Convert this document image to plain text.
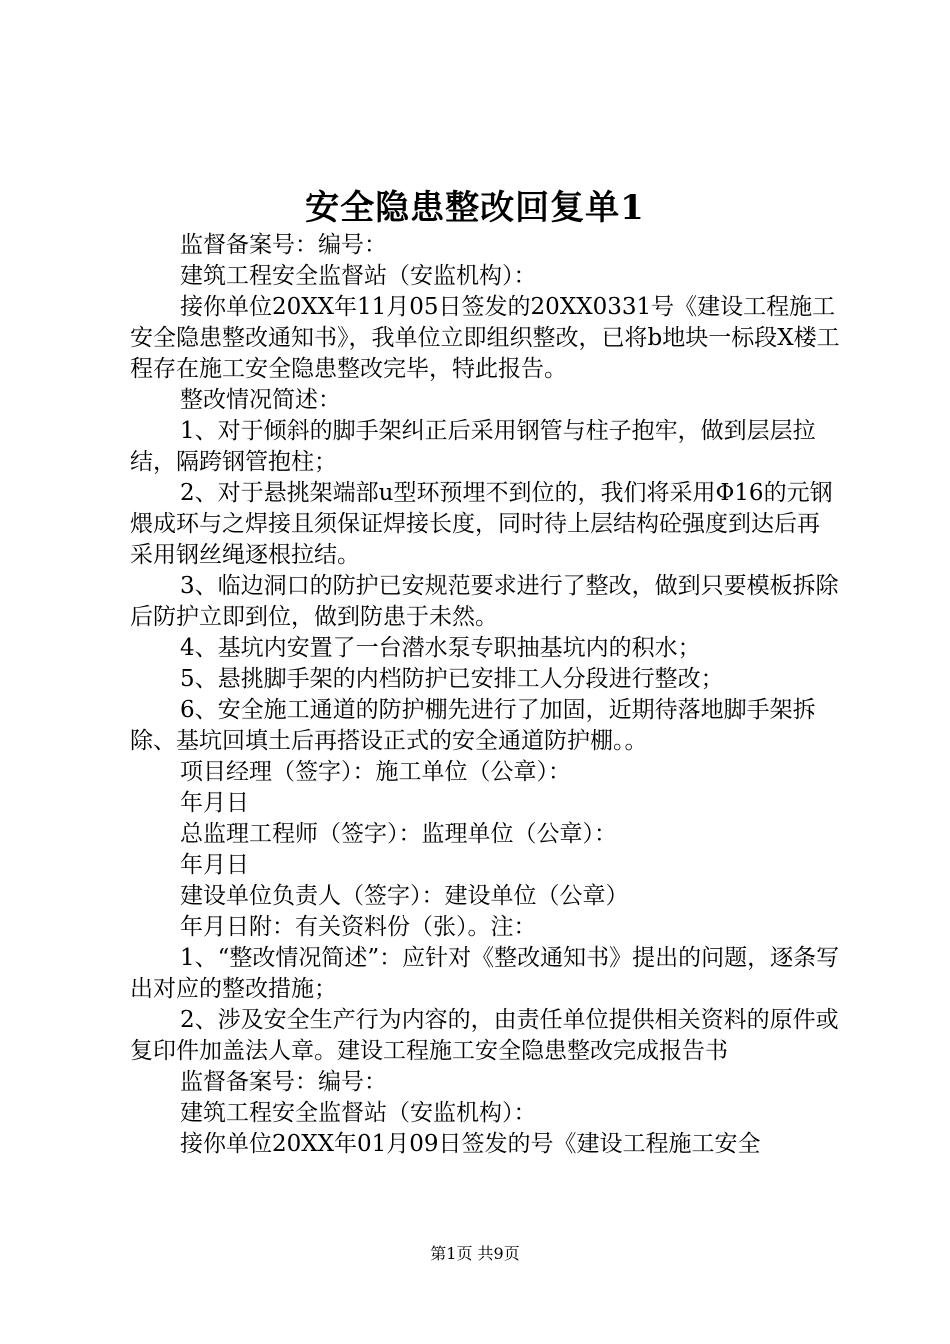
安全隐患整改回复单1

监督备案号：编号：

建筑工程安全监督站（安监机构）：

接你单位20XX年11月05日签发的20XX0331号《建设工程施工安全隐患整改通知书》，我单位立即组织整改，已将b地块一标段X楼工程存在施工安全隐患整改完毕，特此报告。

整改情况简述：

1、对于倾斜的脚手架纠正后采用钢管与柱子抱牢，做到层层拉结，隔跨钢管抱柱；

2、对于悬挑架端部u型环预埋不到位的，我们将采用Φ16的元钢煨成环与之焊接且须保证焊接长度，同时待上层结构砼强度到达后再采用钢丝绳逐根拉结。

3、临边洞口的防护已安规范要求进行了整改，做到只要模板拆除后防护立即到位，做到防患于未然。

4、基坑内安置了一台潜水泵专职抽基坑内的积水；

5、悬挑脚手架的内档防护已安排工人分段进行整改；

6、安全施工通道的防护棚先进行了加固，近期待落地脚手架拆除、基坑回填土后再搭设正式的安全通道防护棚。。

项目经理（签字）：施工单位（公章）：

年月日

总监理工程师（签字）：监理单位（公章）：

年月日

建设单位负责人（签字）：建设单位（公章）

年月日附：有关资料份（张）。注：

1、“整改情况简述”：应针对《整改通知书》提出的问题，逐条写出对应的整改措施；

2、涉及安全生产行为内容的，由责任单位提供相关资料的原件或复印件加盖法人章。建设工程施工安全隐患整改完成报告书

监督备案号：编号：

建筑工程安全监督站（安监机构）：

接你单位20XX年01月09日签发的号《建设工程施工安全

第1页 共9页
